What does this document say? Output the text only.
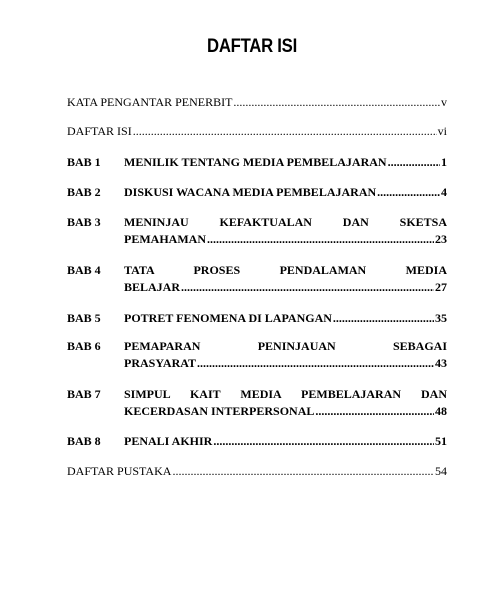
DAFTAR ISI
KATA PENGANTAR PENERBIT .....	v
DAFTAR ISI .....	vi
BAB 1	MENILIK TENTANG MEDIA PEMBELAJARAN .....	1
BAB 2	DISKUSI WACANA MEDIA PEMBELAJARAN .....	4
BAB 3	MENINJAU KEFAKTUALAN DAN SKETSA
PEMAHAMAN .....	23
BAB 4	TATA PROSES PENDALAMAN MEDIA
BELAJAR .....	27
BAB 5	POTRET FENOMENA DI LAPANGAN .....	35
BAB 6	PEMAPARAN PENINJAUAN SEBAGAI
PRASYARAT .....	43
BAB 7	SIMPUL KAIT MEDIA PEMBELAJARAN DAN
KECERDASAN INTERPERSONAL .....	48
BAB 8	PENALI AKHIR .....	51
DAFTAR PUSTAKA .....	54
